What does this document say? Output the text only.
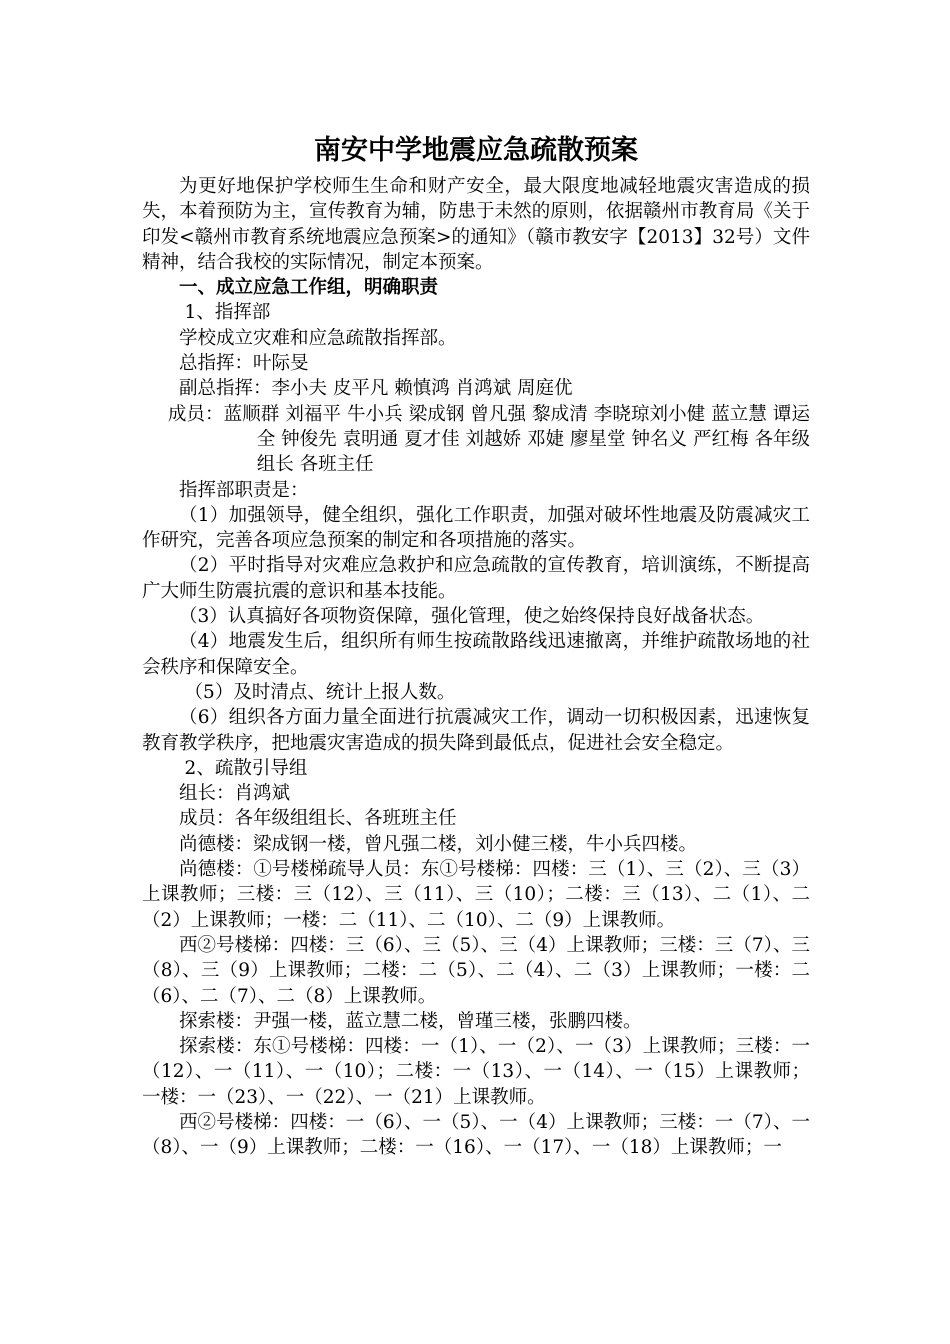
南安中学地震应急疏散预案

为更好地保护学校师生生命和财产安全，最大限度地减轻地震灾害造成的损失，本着预防为主，宣传教育为辅，防患于未然的原则，依据赣州市教育局《关于印发<赣州市教育系统地震应急预案>的通知》（赣市教安字【2013】32号）文件精神，结合我校的实际情况，制定本预案。

一、成立应急工作组，明确职责

1、指挥部

学校成立灾难和应急疏散指挥部。

总指挥：叶际旻

副总指挥：李小夫 皮平凡 赖慎鸿 肖鸿斌 周庭优

成员：蓝顺群 刘福平 牛小兵 梁成钢 曾凡强 黎成清 李晓琼刘小健 蓝立慧 谭运全 钟俊先 袁明通 夏才佳 刘越娇 邓婕 廖星堂 钟名义 严红梅 各年级组长 各班主任

指挥部职责是：

（1）加强领导，健全组织，强化工作职责，加强对破坏性地震及防震减灾工作研究，完善各项应急预案的制定和各项措施的落实。

（2）平时指导对灾难应急救护和应急疏散的宣传教育，培训演练，不断提高广大师生防震抗震的意识和基本技能。

（3）认真搞好各项物资保障，强化管理，使之始终保持良好战备状态。

（4）地震发生后，组织所有师生按疏散路线迅速撤离，并维护疏散场地的社会秩序和保障安全。

（5）及时清点、统计上报人数。

（6）组织各方面力量全面进行抗震减灾工作，调动一切积极因素，迅速恢复教育教学秩序，把地震灾害造成的损失降到最低点，促进社会安全稳定。

2、疏散引导组

组长：肖鸿斌

成员：各年级组组长、各班班主任

尚德楼：梁成钢一楼，曾凡强二楼，刘小健三楼，牛小兵四楼。

尚德楼：①号楼梯疏导人员：东①号楼梯：四楼：三（1）、三（2）、三（3）上课教师；三楼：三（12）、三（11）、三（10）；二楼：三（13）、二（1）、二（2）上课教师；一楼：二（11）、二（10）、二（9）上课教师。

西②号楼梯：四楼：三（6）、三（5）、三（4）上课教师；三楼：三（7）、三（8）、三（9）上课教师；二楼：二（5）、二（4）、二（3）上课教师；一楼：二（6）、二（7）、二（8）上课教师。

探索楼：尹强一楼，蓝立慧二楼，曾瑾三楼，张鹏四楼。

探索楼：东①号楼梯：四楼：一（1）、一（2）、一（3）上课教师；三楼：一（12）、一（11）、一（10）；二楼：一（13）、一（14）、一（15）上课教师；一楼：一（23）、一（22）、一（21）上课教师。

西②号楼梯：四楼：一（6）、一（5）、一（4）上课教师；三楼：一（7）、一（8）、一（9）上课教师；二楼：一（16）、一（17）、一（18）上课教师；一
